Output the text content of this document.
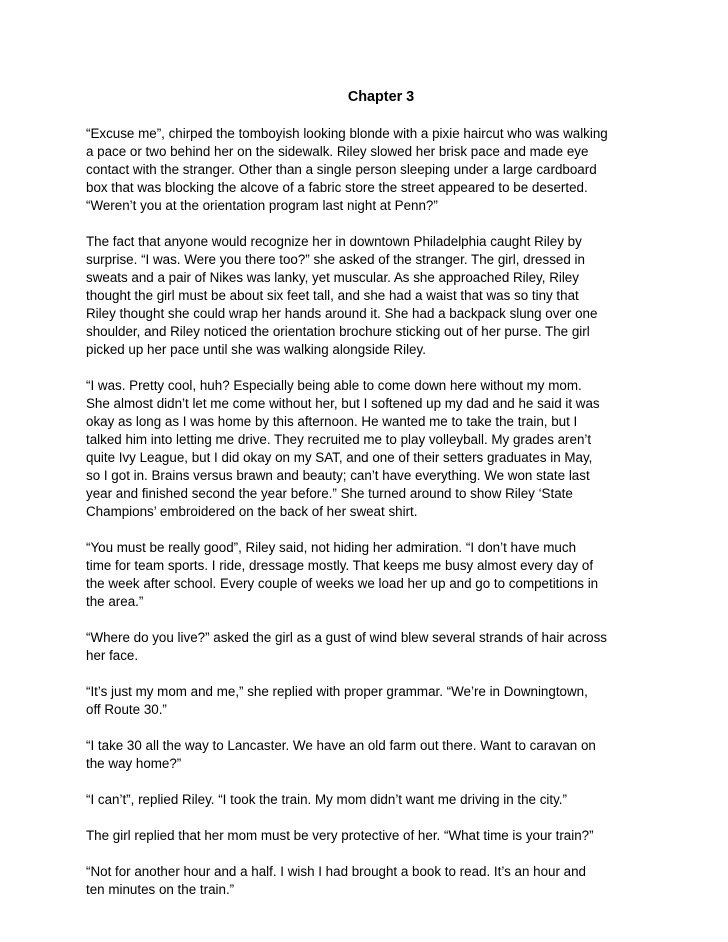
Chapter 3
“Excuse me”, chirped the tomboyish looking blonde with a pixie haircut who was walking
a pace or two behind her on the sidewalk. Riley slowed her brisk pace and made eye
contact with the stranger. Other than a single person sleeping under a large cardboard
box that was blocking the alcove of a fabric store the street appeared to be deserted.
“Weren’t you at the orientation program last night at Penn?”
The fact that anyone would recognize her in downtown Philadelphia caught Riley by
surprise. “I was. Were you there too?” she asked of the stranger. The girl, dressed in
sweats and a pair of Nikes was lanky, yet muscular. As she approached Riley, Riley
thought the girl must be about six feet tall, and she had a waist that was so tiny that
Riley thought she could wrap her hands around it. She had a backpack slung over one
shoulder, and Riley noticed the orientation brochure sticking out of her purse. The girl
picked up her pace until she was walking alongside Riley.
“I was. Pretty cool, huh? Especially being able to come down here without my mom.
She almost didn’t let me come without her, but I softened up my dad and he said it was
okay as long as I was home by this afternoon. He wanted me to take the train, but I
talked him into letting me drive. They recruited me to play volleyball. My grades aren’t
quite Ivy League, but I did okay on my SAT, and one of their setters graduates in May,
so I got in. Brains versus brawn and beauty; can’t have everything. We won state last
year and finished second the year before.” She turned around to show Riley ‘State
Champions’ embroidered on the back of her sweat shirt.
“You must be really good”, Riley said, not hiding her admiration. “I don’t have much
time for team sports. I ride, dressage mostly. That keeps me busy almost every day of
the week after school. Every couple of weeks we load her up and go to competitions in
the area.”
“Where do you live?” asked the girl as a gust of wind blew several strands of hair across
her face.
“It’s just my mom and me,” she replied with proper grammar. “We’re in Downingtown,
off Route 30.”
“I take 30 all the way to Lancaster. We have an old farm out there. Want to caravan on
the way home?”
“I can’t”, replied Riley. “I took the train. My mom didn’t want me driving in the city.”
The girl replied that her mom must be very protective of her. “What time is your train?”
“Not for another hour and a half. I wish I had brought a book to read. It’s an hour and
ten minutes on the train.”
